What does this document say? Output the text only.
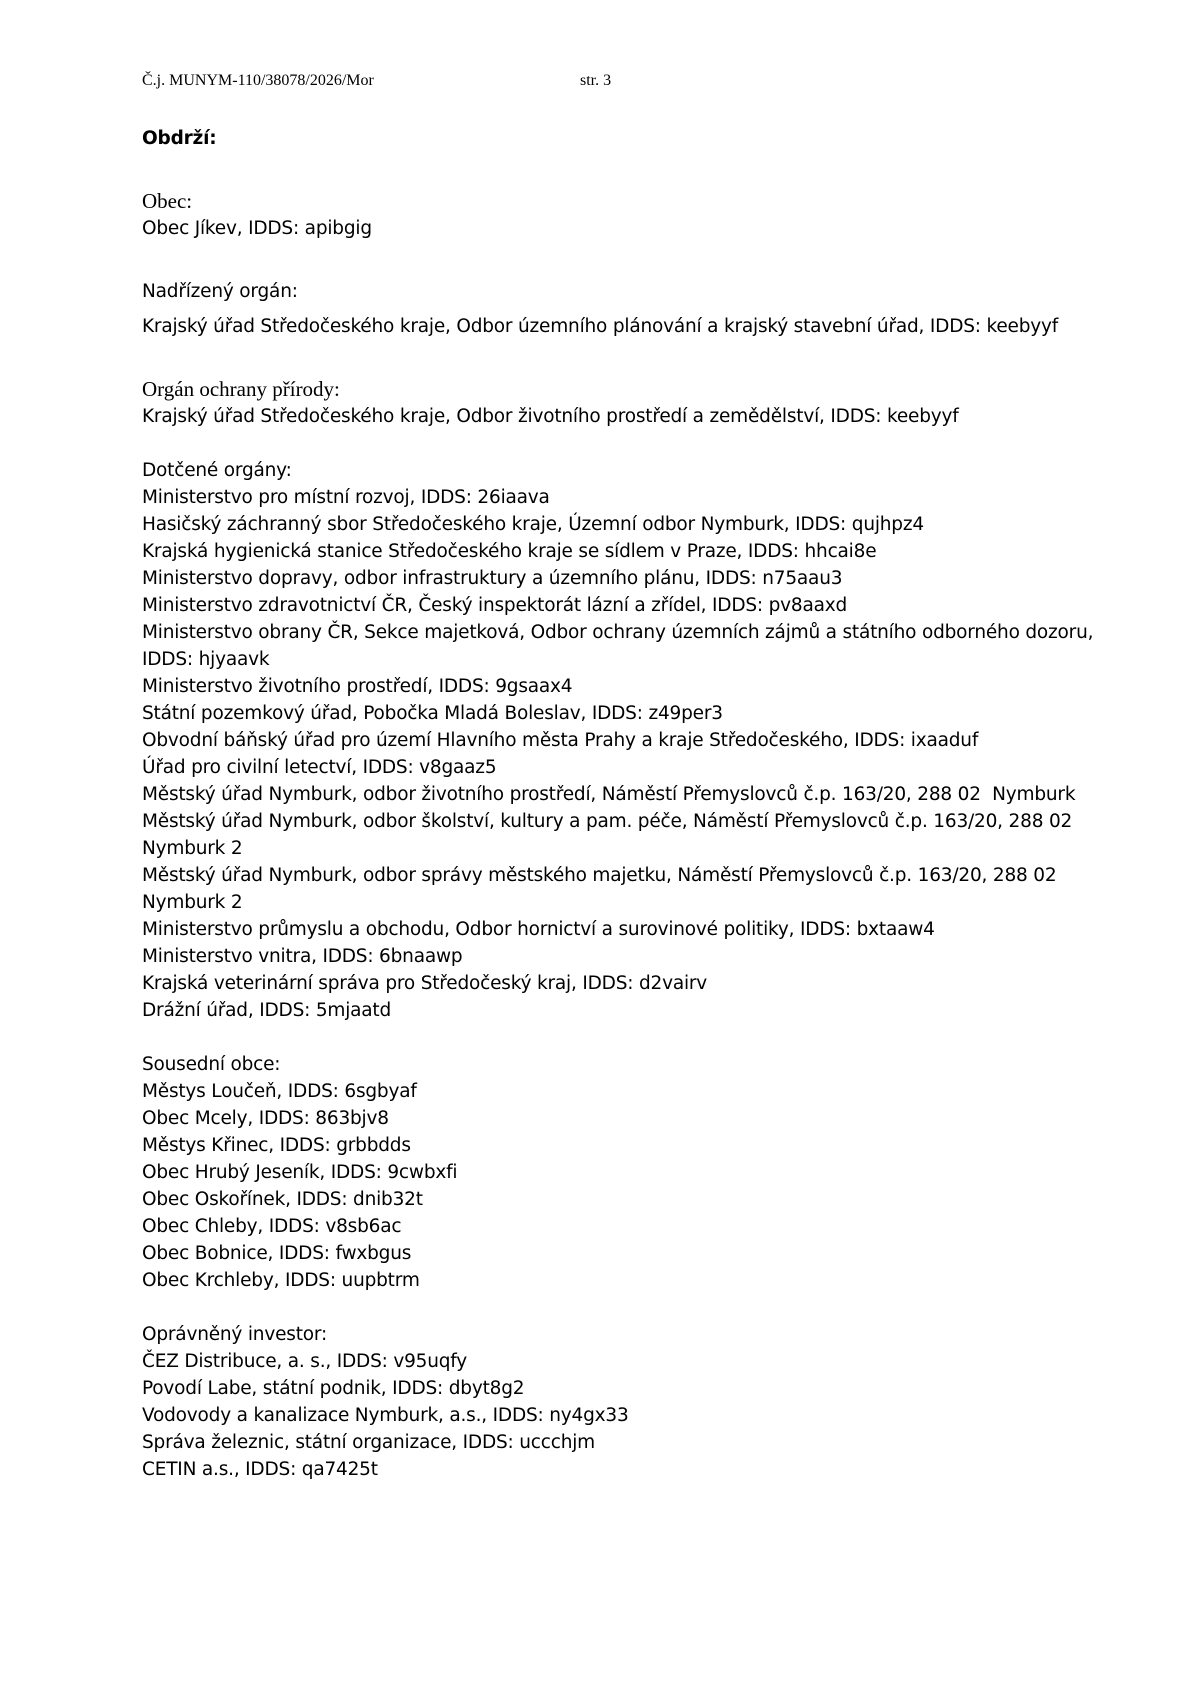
Č.j. MUNYM-110/38078/2026/Mor	str. 3
Obdrží:
Obec:
Obec Jíkev, IDDS: apibgig
Nadřízený orgán:
Krajský úřad Středočeského kraje, Odbor územního plánování a krajský stavební úřad, IDDS: keebyyf
Orgán ochrany přírody:
Krajský úřad Středočeského kraje, Odbor životního prostředí a zemědělství, IDDS: keebyyf
Dotčené orgány:
Ministerstvo pro místní rozvoj, IDDS: 26iaava
Hasičský záchranný sbor Středočeského kraje, Územní odbor Nymburk, IDDS: qujhpz4
Krajská hygienická stanice Středočeského kraje se sídlem v Praze, IDDS: hhcai8e
Ministerstvo dopravy, odbor infrastruktury a územního plánu, IDDS: n75aau3
Ministerstvo zdravotnictví ČR, Český inspektorát lázní a zřídel, IDDS: pv8aaxd
Ministerstvo obrany ČR, Sekce majetková, Odbor ochrany územních zájmů a státního odborného dozoru, IDDS: hjyaavk
Ministerstvo životního prostředí, IDDS: 9gsaax4
Státní pozemkový úřad, Pobočka Mladá Boleslav, IDDS: z49per3
Obvodní báňský úřad pro území Hlavního města Prahy a kraje Středočeského, IDDS: ixaaduf
Úřad pro civilní letectví, IDDS: v8gaaz5
Městský úřad Nymburk, odbor životního prostředí, Náměstí Přemyslovců č.p. 163/20, 288 02  Nymburk
Městský úřad Nymburk, odbor školství, kultury a pam. péče, Náměstí Přemyslovců č.p. 163/20, 288 02 Nymburk 2
Městský úřad Nymburk, odbor správy městského majetku, Náměstí Přemyslovců č.p. 163/20, 288 02 Nymburk 2
Ministerstvo průmyslu a obchodu, Odbor hornictví a surovinové politiky, IDDS: bxtaaw4
Ministerstvo vnitra, IDDS: 6bnaawp
Krajská veterinární správa pro Středočeský kraj, IDDS: d2vairv
Drážní úřad, IDDS: 5mjaatd
Sousední obce:
Městys Loučeň, IDDS: 6sgbyaf
Obec Mcely, IDDS: 863bjv8
Městys Křinec, IDDS: grbbdds
Obec Hrubý Jeseník, IDDS: 9cwbxfi
Obec Oskořínek, IDDS: dnib32t
Obec Chleby, IDDS: v8sb6ac
Obec Bobnice, IDDS: fwxbgus
Obec Krchleby, IDDS: uupbtrm
Oprávněný investor:
ČEZ Distribuce, a. s., IDDS: v95uqfy
Povodí Labe, státní podnik, IDDS: dbyt8g2
Vodovody a kanalizace Nymburk, a.s., IDDS: ny4gx33
Správa železnic, státní organizace, IDDS: uccchjm
CETIN a.s., IDDS: qa7425t
